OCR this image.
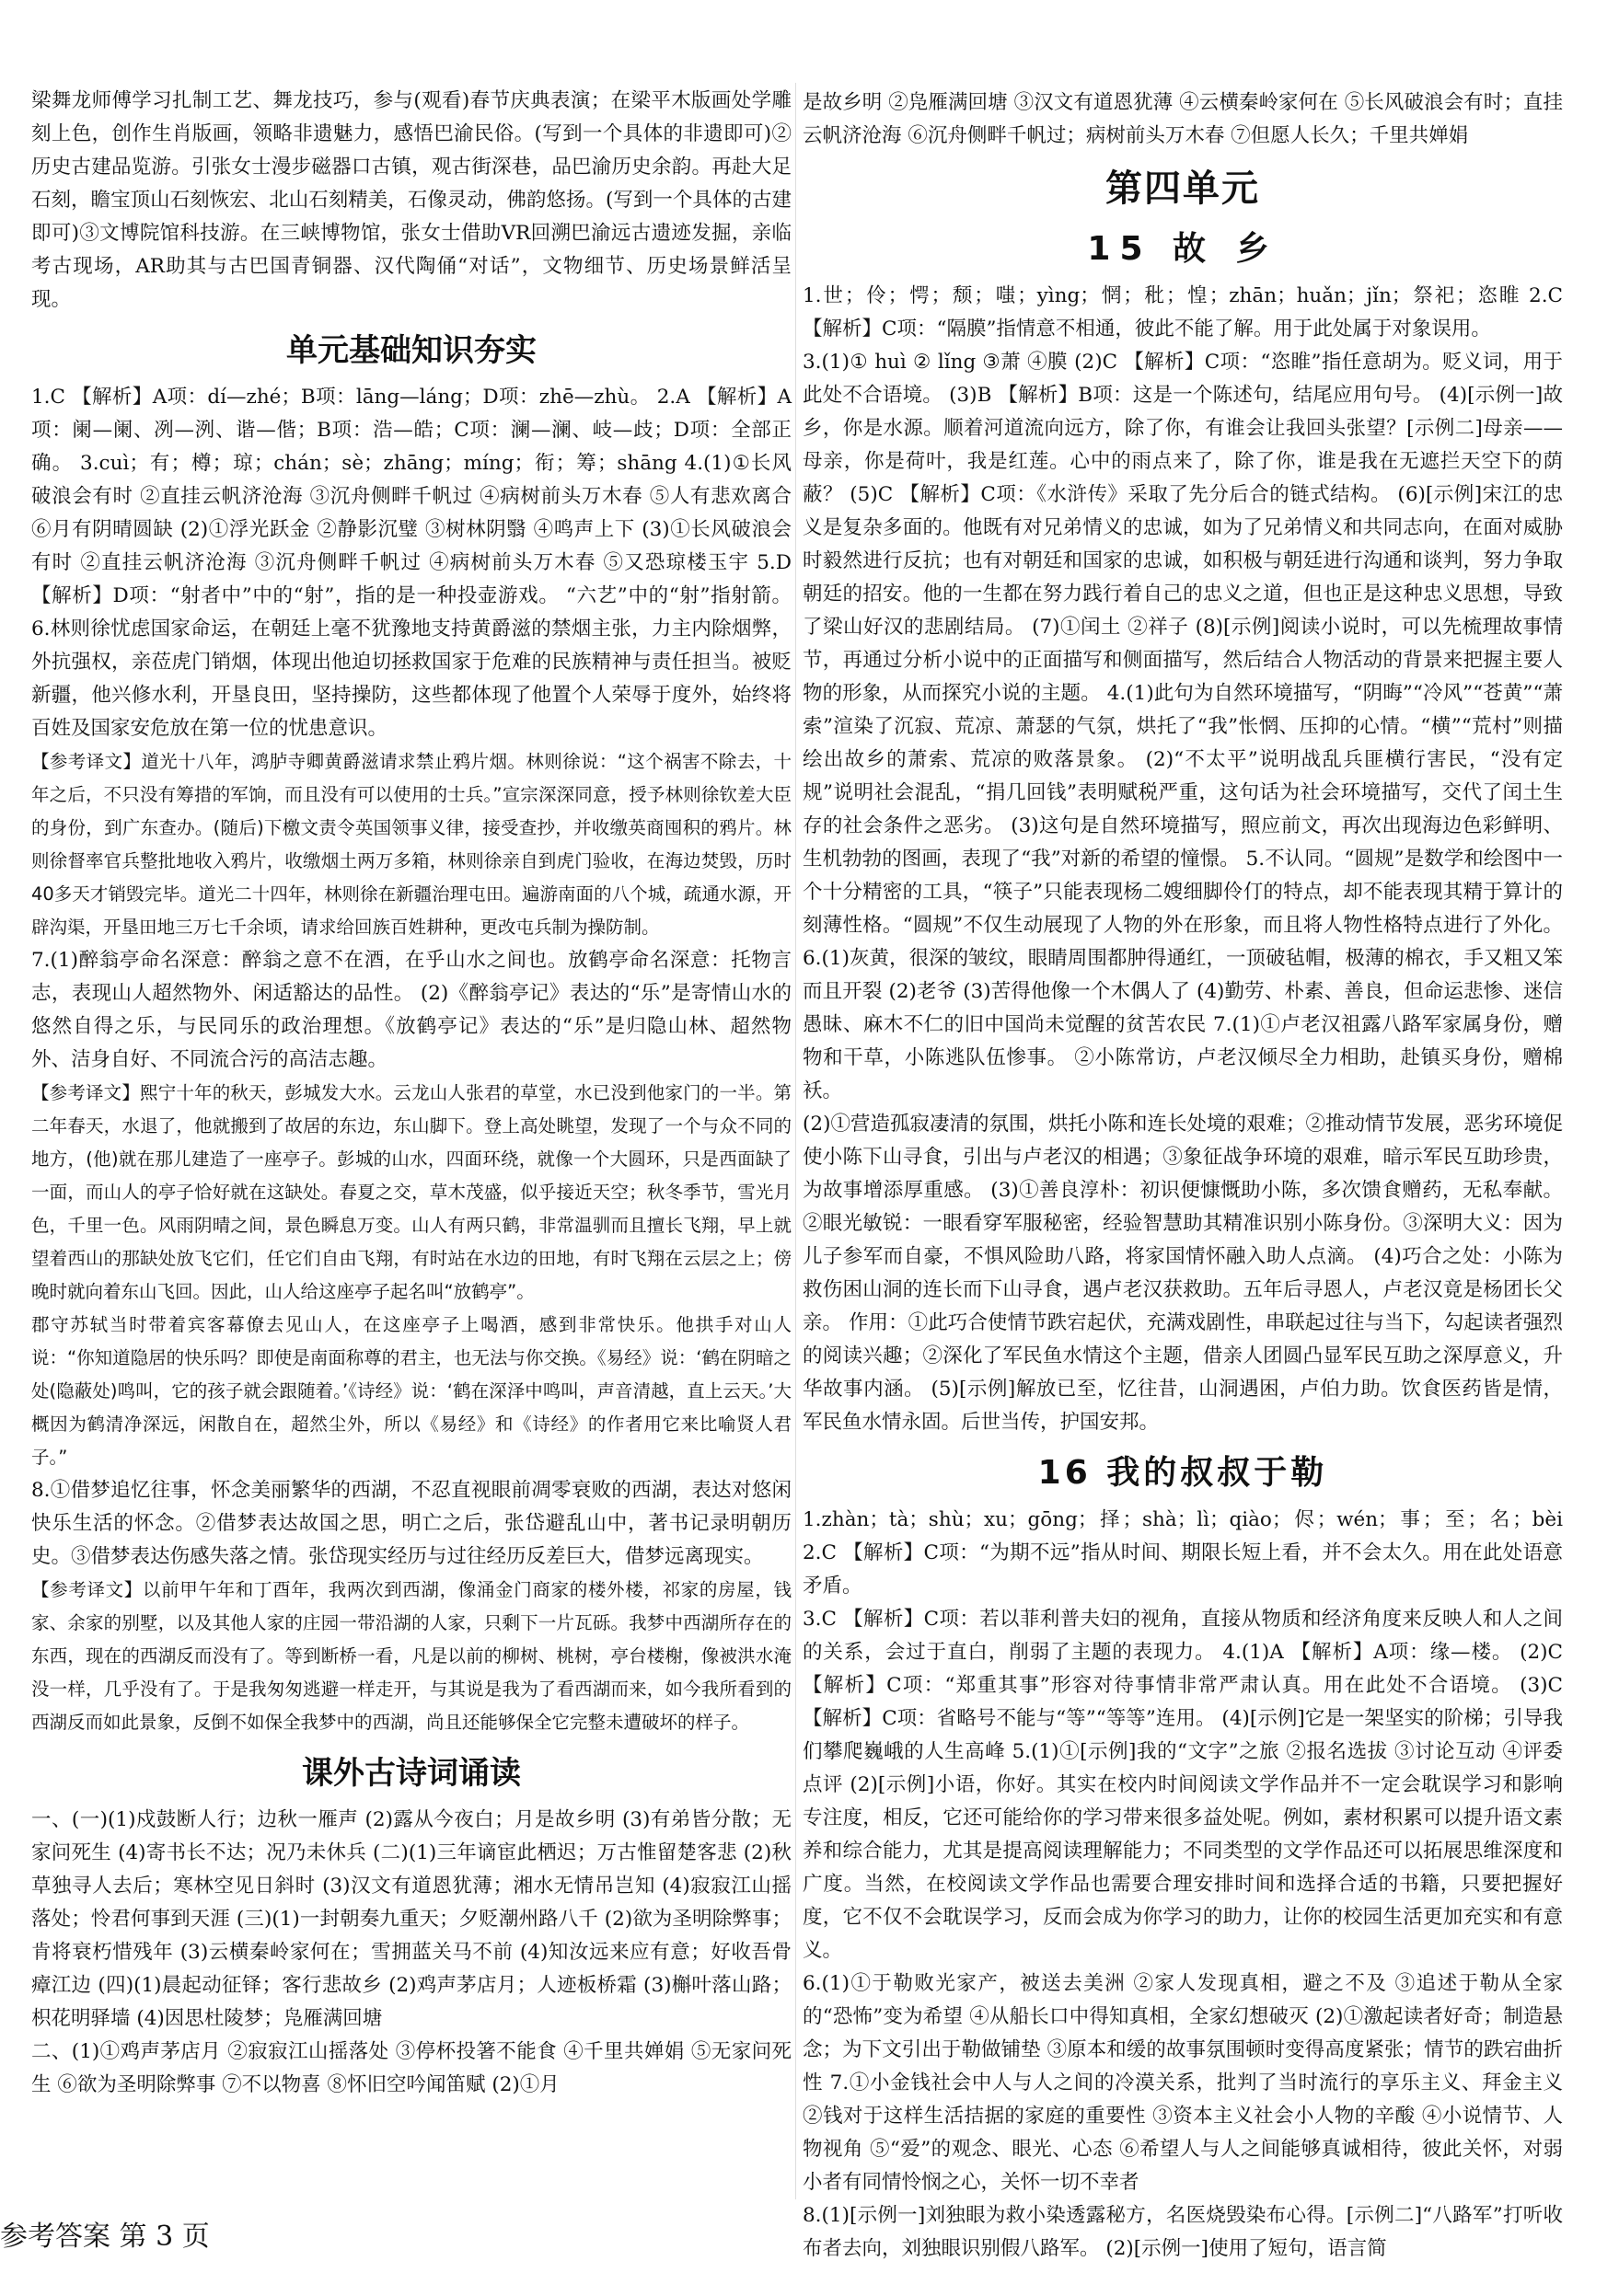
梁舞龙师傅学习扎制工艺、舞龙技巧，参与(观看)春节庆典表演；在梁平木版画处学雕刻上色，创作生肖版画，领略非遗魅力，感悟巴渝民俗。(写到一个具体的非遗即可)②历史古建品览游。引张女士漫步磁器口古镇，观古街深巷，品巴渝历史余韵。再赴大足石刻，瞻宝顶山石刻恢宏、北山石刻精美，石像灵动，佛韵悠扬。(写到一个具体的古建即可)③文博院馆科技游。在三峡博物馆，张女士借助VR回溯巴渝远古遗迹发掘，亲临考古现场，AR助其与古巴国青铜器、汉代陶俑“对话”，文物细节、历史场景鲜活呈现。

单元基础知识夯实

1.C 【解析】A项：dí—zhé；B项：lāng—láng；D项：zhē—zhù。 2.A 【解析】A项：阑—阑、冽—洌、谐—偕；B项：浩—皓；C项：澜—澜、岐—歧；D项：全部正确。 3.cuì；有；樽；琼；chán；sè；zhāng；míng；衔；筹；shāng 4.(1)①长风破浪会有时 ②直挂云帆济沧海 ③沉舟侧畔千帆过 ④病树前头万木春 ⑤人有悲欢离合 ⑥月有阴晴圆缺 (2)①浮光跃金 ②静影沉璧 ③树林阴翳 ④鸣声上下 (3)①长风破浪会有时 ②直挂云帆济沧海 ③沉舟侧畔千帆过 ④病树前头万木春 ⑤又恐琼楼玉宇 5.D 【解析】D项：“射者中”中的“射”，指的是一种投壶游戏。 “六艺”中的“射”指射箭。 6.林则徐忧虑国家命运，在朝廷上毫不犹豫地支持黄爵滋的禁烟主张，力主内除烟弊，外抗强权，亲莅虎门销烟，体现出他迫切拯救国家于危难的民族精神与责任担当。被贬新疆，他兴修水利，开垦良田，坚持操防，这些都体现了他置个人荣辱于度外，始终将百姓及国家安危放在第一位的忧患意识。

【参考译文】道光十八年，鸿胪寺卿黄爵滋请求禁止鸦片烟。林则徐说：“这个祸害不除去，十年之后，不只没有筹措的军饷，而且没有可以使用的士兵。”宣宗深深同意，授予林则徐钦差大臣的身份，到广东查办。(随后)下檄文责令英国领事义律，接受查抄，并收缴英商囤积的鸦片。林则徐督率官兵整批地收入鸦片，收缴烟土两万多箱，林则徐亲自到虎门验收，在海边焚毁，历时40多天才销毁完毕。道光二十四年，林则徐在新疆治理屯田。遍游南面的八个城，疏通水源，开辟沟渠，开垦田地三万七千余顷，请求给回族百姓耕种，更改屯兵制为操防制。

7.(1)醉翁亭命名深意：醉翁之意不在酒，在乎山水之间也。放鹤亭命名深意：托物言志，表现山人超然物外、闲适豁达的品性。 (2)《醉翁亭记》表达的“乐”是寄情山水的悠然自得之乐，与民同乐的政治理想。《放鹤亭记》表达的“乐”是归隐山林、超然物外、洁身自好、不同流合污的高洁志趣。

【参考译文】熙宁十年的秋天，彭城发大水。云龙山人张君的草堂，水已没到他家门的一半。第二年春天，水退了，他就搬到了故居的东边，东山脚下。登上高处眺望，发现了一个与众不同的地方，(他)就在那儿建造了一座亭子。彭城的山水，四面环绕，就像一个大圆环，只是西面缺了一面，而山人的亭子恰好就在这缺处。春夏之交，草木茂盛，似乎接近天空；秋冬季节，雪光月色，千里一色。风雨阴晴之间，景色瞬息万变。山人有两只鹤，非常温驯而且擅长飞翔，早上就望着西山的那缺处放飞它们，任它们自由飞翔，有时站在水边的田地，有时飞翔在云层之上；傍晚时就向着东山飞回。因此，山人给这座亭子起名叫“放鹤亭”。
郡守苏轼当时带着宾客幕僚去见山人，在这座亭子上喝酒，感到非常快乐。他拱手对山人说：“你知道隐居的快乐吗？即使是南面称尊的君主，也无法与你交换。《易经》说：‘鹤在阴暗之处(隐蔽处)鸣叫，它的孩子就会跟随着。’《诗经》说：‘鹤在深泽中鸣叫，声音清越，直上云天。’大概因为鹤清净深远，闲散自在，超然尘外，所以《易经》和《诗经》的作者用它来比喻贤人君子。”

8.①借梦追忆往事，怀念美丽繁华的西湖，不忍直视眼前凋零衰败的西湖，表达对悠闲快乐生活的怀念。②借梦表达故国之思，明亡之后，张岱避乱山中，著书记录明朝历史。③借梦表达伤感失落之情。张岱现实经历与过往经历反差巨大，借梦远离现实。

【参考译文】以前甲午年和丁酉年，我两次到西湖，像涌金门商家的楼外楼，祁家的房屋，钱家、余家的别墅，以及其他人家的庄园一带沿湖的人家，只剩下一片瓦砾。我梦中西湖所存在的东西，现在的西湖反而没有了。等到断桥一看，凡是以前的柳树、桃树，亭台楼榭，像被洪水淹没一样，几乎没有了。于是我匆匆逃避一样走开，与其说是我为了看西湖而来，如今我所看到的西湖反而如此景象，反倒不如保全我梦中的西湖，尚且还能够保全它完整未遭破坏的样子。

课外古诗词诵读

一、(一)(1)戍鼓断人行；边秋一雁声 (2)露从今夜白；月是故乡明 (3)有弟皆分散；无家问死生 (4)寄书长不达；况乃未休兵 (二)(1)三年谪宦此栖迟；万古惟留楚客悲 (2)秋草独寻人去后；寒林空见日斜时 (3)汉文有道恩犹薄；湘水无情吊岂知 (4)寂寂江山摇落处；怜君何事到天涯 (三)(1)一封朝奏九重天；夕贬潮州路八千 (2)欲为圣明除弊事；肯将衰朽惜残年 (3)云横秦岭家何在；雪拥蓝关马不前 (4)知汝远来应有意；好收吾骨瘴江边 (四)(1)晨起动征铎；客行悲故乡 (2)鸡声茅店月；人迹板桥霜 (3)槲叶落山路；枳花明驿墙 (4)因思杜陵梦；凫雁满回塘

二、(1)①鸡声茅店月 ②寂寂江山摇落处 ③停杯投箸不能食 ④千里共婵娟 ⑤无家问死生 ⑥欲为圣明除弊事 ⑦不以物喜 ⑧怀旧空吟闻笛赋 (2)①月

是故乡明 ②凫雁满回塘 ③汉文有道恩犹薄 ④云横秦岭家何在 ⑤长风破浪会有时；直挂云帆济沧海 ⑥沉舟侧畔千帆过；病树前头万木春 ⑦但愿人长久；千里共婵娟

第四单元
15 故 乡

1.世；伶；愕；颓；嗤；yìng；惘；秕；惶；zhān；huǎn；jǐn；祭祀；恣睢 2.C 【解析】C项：“隔膜”指情意不相通，彼此不能了解。用于此处属于对象误用。

3.(1)① huì ② lǐng ③萧 ④膜 (2)C 【解析】C项：“恣睢”指任意胡为。贬义词，用于此处不合语境。 (3)B 【解析】B项：这是一个陈述句，结尾应用句号。 (4)[示例一]故乡，你是水源。顺着河道流向远方，除了你，有谁会让我回头张望？[示例二]母亲——母亲，你是荷叶，我是红莲。心中的雨点来了，除了你，谁是我在无遮拦天空下的荫蔽？ (5)C 【解析】C项：《水浒传》采取了先分后合的链式结构。 (6)[示例]宋江的忠义是复杂多面的。他既有对兄弟情义的忠诚，如为了兄弟情义和共同志向，在面对威胁时毅然进行反抗；也有对朝廷和国家的忠诚，如积极与朝廷进行沟通和谈判，努力争取朝廷的招安。他的一生都在努力践行着自己的忠义之道，但也正是这种忠义思想，导致了梁山好汉的悲剧结局。 (7)①闰土 ②祥子 (8)[示例]阅读小说时，可以先梳理故事情节，再通过分析小说中的正面描写和侧面描写，然后结合人物活动的背景来把握主要人物的形象，从而探究小说的主题。 4.(1)此句为自然环境描写，“阴晦”“冷风”“苍黄”“萧索”渲染了沉寂、荒凉、萧瑟的气氛，烘托了“我”怅惘、压抑的心情。“横”“荒村”则描绘出故乡的萧索、荒凉的败落景象。 (2)“不太平”说明战乱兵匪横行害民，“没有定规”说明社会混乱，“捐几回钱”表明赋税严重，这句话为社会环境描写，交代了闰土生存的社会条件之恶劣。 (3)这句是自然环境描写，照应前文，再次出现海边色彩鲜明、生机勃勃的图画，表现了“我”对新的希望的憧憬。 5.不认同。“圆规”是数学和绘图中一个十分精密的工具，“筷子”只能表现杨二嫂细脚伶仃的特点，却不能表现其精于算计的刻薄性格。“圆规”不仅生动展现了人物的外在形象，而且将人物性格特点进行了外化。 6.(1)灰黄，很深的皱纹，眼睛周围都肿得通红，一顶破毡帽，极薄的棉衣，手又粗又笨而且开裂 (2)老爷 (3)苦得他像一个木偶人了 (4)勤劳、朴素、善良，但命运悲惨、迷信愚昧、麻木不仁的旧中国尚未觉醒的贫苦农民 7.(1)①卢老汉祖露八路军家属身份，赠物和干草，小陈逃队伍惨事。 ②小陈常访，卢老汉倾尽全力相助，赴镇买身份，赠棉袄。

(2)①营造孤寂凄清的氛围，烘托小陈和连长处境的艰难；②推动情节发展，恶劣环境促使小陈下山寻食，引出与卢老汉的相遇；③象征战争环境的艰难，暗示军民互助珍贵，为故事增添厚重感。 (3)①善良淳朴：初识便慷慨助小陈，多次馈食赠药，无私奉献。②眼光敏锐：一眼看穿军服秘密，经验智慧助其精准识别小陈身份。③深明大义：因为儿子参军而自豪，不惧风险助八路，将家国情怀融入助人点滴。 (4)巧合之处：小陈为救伤困山洞的连长而下山寻食，遇卢老汉获救助。五年后寻恩人，卢老汉竟是杨团长父亲。 作用：①此巧合使情节跌宕起伏，充满戏剧性，串联起过往与当下，勾起读者强烈的阅读兴趣；②深化了军民鱼水情这个主题，借亲人团圆凸显军民互助之深厚意义，升华故事内涵。 (5)[示例]解放已至，忆往昔，山洞遇困，卢伯力助。饮食医药皆是情，军民鱼水情永固。后世当传，护国安邦。

16 我的叔叔于勒

1.zhàn；tà；shù；xu；gōng；择；shà；lì；qiào；侭；wén；事；至；名；bèi 2.C 【解析】C项：“为期不远”指从时间、期限长短上看，并不会太久。用在此处语意矛盾。

3.C 【解析】C项：若以菲利普夫妇的视角，直接从物质和经济角度来反映人和人之间的关系，会过于直白，削弱了主题的表现力。 4.(1)A 【解析】A项：缘—楼。 (2)C 【解析】C项：“郑重其事”形容对待事情非常严肃认真。用在此处不合语境。 (3)C 【解析】C项：省略号不能与“等”“等等”连用。 (4)[示例]它是一架坚实的阶梯；引导我们攀爬巍峨的人生高峰 5.(1)①[示例]我的“文字”之旅 ②报名选拔 ③讨论互动 ④评委点评 (2)[示例]小语，你好。其实在校内时间阅读文学作品并不一定会耽误学习和影响专注度，相反，它还可能给你的学习带来很多益处呢。例如，素材积累可以提升语文素养和综合能力，尤其是提高阅读理解能力；不同类型的文学作品还可以拓展思维深度和广度。当然，在校阅读文学作品也需要合理安排时间和选择合适的书籍，只要把握好度，它不仅不会耽误学习，反而会成为你学习的助力，让你的校园生活更加充实和有意义。

6.(1)①于勒败光家产，被送去美洲 ②家人发现真相，避之不及 ③追述于勒从全家的“恐怖”变为希望 ④从船长口中得知真相，全家幻想破灭 (2)①激起读者好奇；制造悬念；为下文引出于勒做铺垫 ③原本和缓的故事氛围顿时变得高度紧张；情节的跌宕曲折性 7.①小金钱社会中人与人之间的冷漠关系，批判了当时流行的享乐主义、拜金主义 ②钱对于这样生活拮据的家庭的重要性 ③资本主义社会小人物的辛酸 ④小说情节、人物视角 ⑤“爱”的观念、眼光、心态 ⑥希望人与人之间能够真诚相待，彼此关怀，对弱小者有同情怜悯之心，关怀一切不幸者

8.(1)[示例一]刘独眼为救小染透露秘方，名医烧毁染布心得。[示例二]“八路军”打听收布者去向，刘独眼识别假八路军。 (2)[示例一]使用了短句，语言简

参考答案 第 3 页
